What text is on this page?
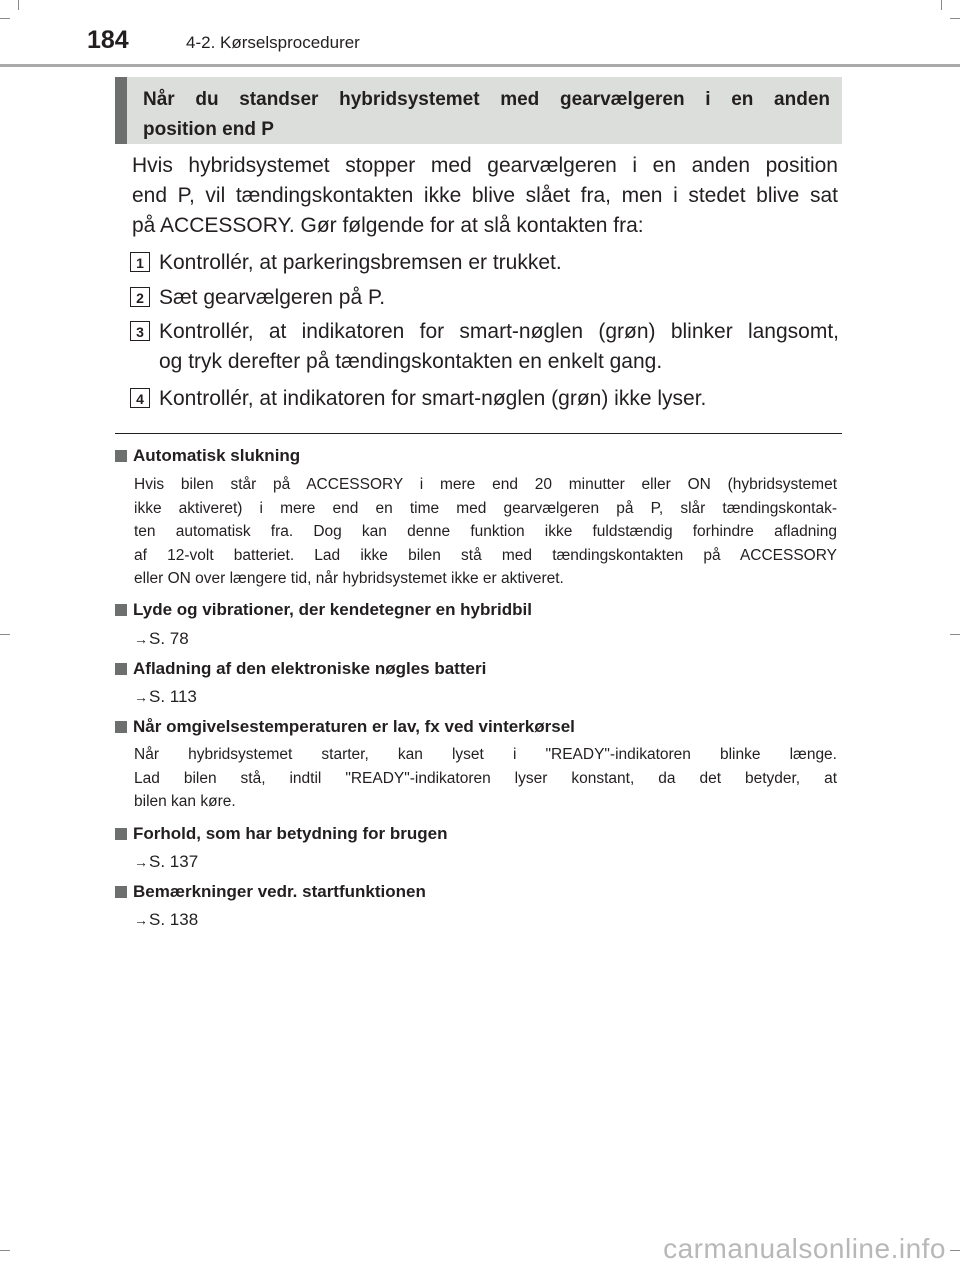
184	4-2. Kørselsprocedurer
Når du standser hybridsystemet med gearvælgeren i en anden
position end P
Hvis hybridsystemet stopper med gearvælgeren i en anden position
end P, vil tændingskontakten ikke blive slået fra, men i stedet blive sat
på ACCESSORY. Gør følgende for at slå kontakten fra:
1 Kontrollér, at parkeringsbremsen er trukket.
2 Sæt gearvælgeren på P.
3 Kontrollér, at indikatoren for smart-nøglen (grøn) blinker langsomt,
og tryk derefter på tændingskontakten en enkelt gang.
4 Kontrollér, at indikatoren for smart-nøglen (grøn) ikke lyser.
Automatisk slukning
Hvis bilen står på ACCESSORY i mere end 20 minutter eller ON (hybridsystemet
ikke aktiveret) i mere end en time med gearvælgeren på P, slår tændingskontak-
ten automatisk fra. Dog kan denne funktion ikke fuldstændig forhindre afladning
af 12-volt batteriet. Lad ikke bilen stå med tændingskontakten på ACCESSORY
eller ON over længere tid, når hybridsystemet ikke er aktiveret.
Lyde og vibrationer, der kendetegner en hybridbil
→S. 78
Afladning af den elektroniske nøgles batteri
→S. 113
Når omgivelsestemperaturen er lav, fx ved vinterkørsel
Når hybridsystemet starter, kan lyset i "READY"-indikatoren blinke længe.
Lad bilen stå, indtil "READY"-indikatoren lyser konstant, da det betyder, at
bilen kan køre.
Forhold, som har betydning for brugen
→S. 137
Bemærkninger vedr. startfunktionen
→S. 138
carmanualsonline.info
